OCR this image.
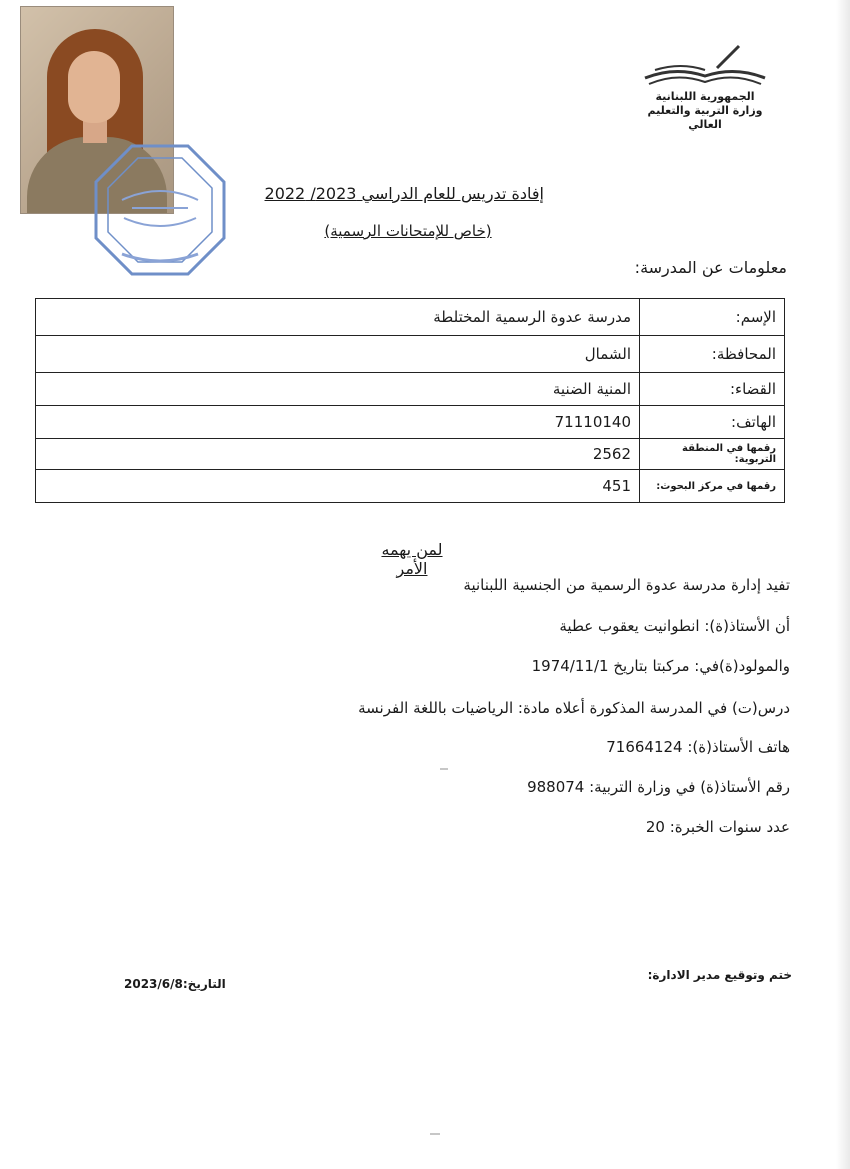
الجمهورية اللبنانية
وزارة التربية والتعليم العالي
إفادة تدريس للعام الدراسي 2023/ 2022
(خاص للإمتحانات الرسمية)
معلومات عن المدرسة:
الإسم:	مدرسة عدوة الرسمية المختلطة
المحافظة:	الشمال
القضاء:	المنية الضنية
الهاتف:	71110140
رقمها في المنطقة التربوية:	2562
رقمها في مركز البحوث:	451
لمن يهمه الأمر
تفيد إدارة مدرسة عدوة الرسمية من الجنسية اللبنانية
أن الأستاذ(ة): انطوانيت يعقوب عطية
والمولود(ة)في: مركبتا بتاريخ 1974/11/1
درس(ت) في المدرسة المذكورة أعلاه مادة: الرياضيات باللغة الفرنسة
هاتف الأستاذ(ة): 71664124
رقم الأستاذ(ة) في وزارة التربية: 988074
عدد سنوات الخبرة: 20
ختم وتوقيع مدير الادارة:
التاريخ:2023/6/8
